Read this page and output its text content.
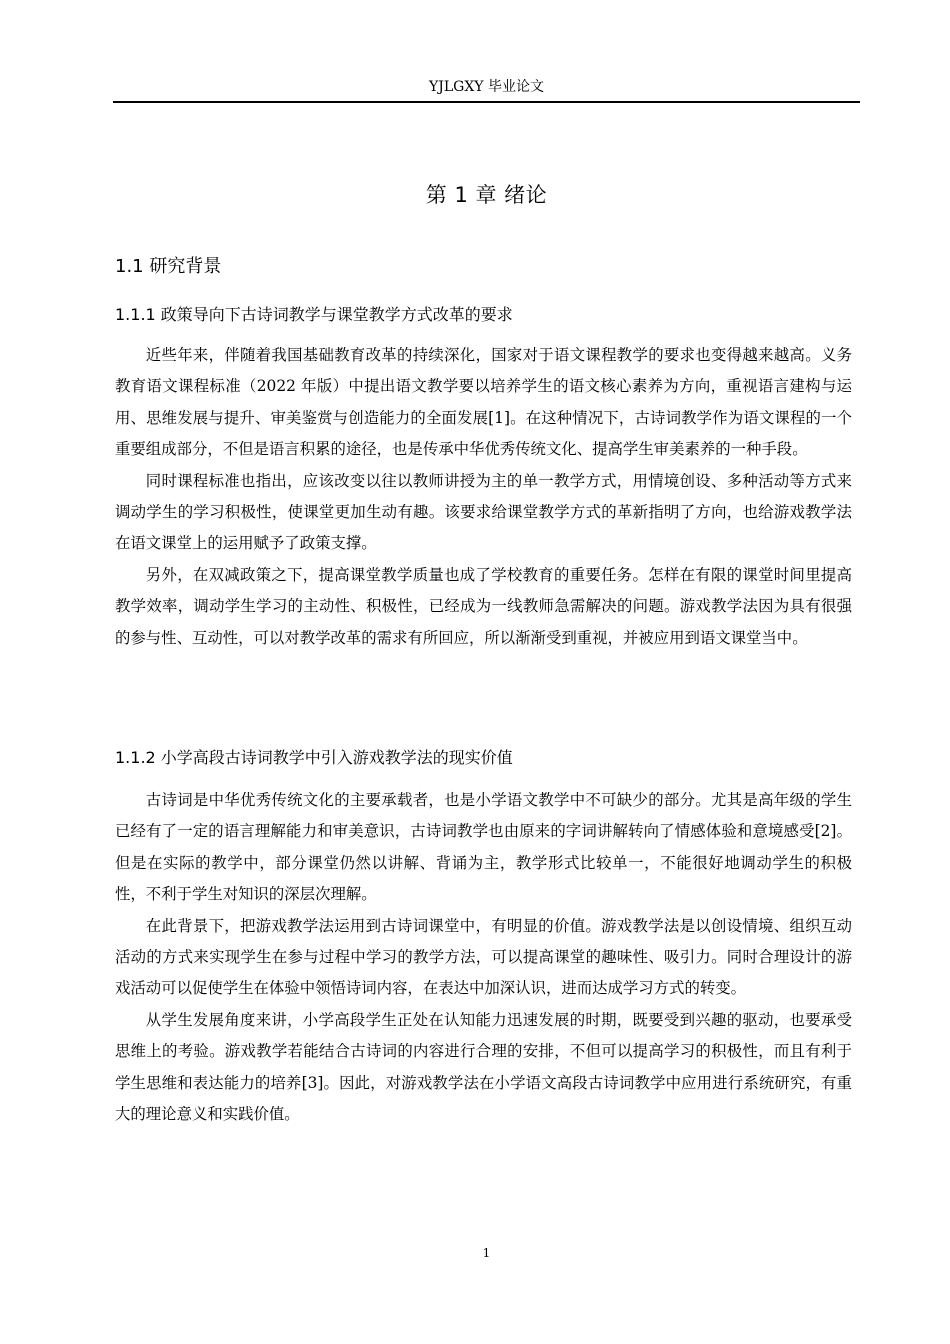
YJLGXY 毕业论文
第 1 章 绪论
1.1 研究背景
1.1.1 政策导向下古诗词教学与课堂教学方式改革的要求

近些年来，伴随着我国基础教育改革的持续深化，国家对于语文课程教学的要求也变得越来越高。义务教育语文课程标准（2022 年版）中提出语文教学要以培养学生的语文核心素养为方向，重视语言建构与运用、思维发展与提升、审美鉴赏与创造能力的全面发展[1]。在这种情况下，古诗词教学作为语文课程的一个重要组成部分，不但是语言积累的途径，也是传承中华优秀传统文化、提高学生审美素养的一种手段。

同时课程标准也指出，应该改变以往以教师讲授为主的单一教学方式，用情境创设、多种活动等方式来调动学生的学习积极性，使课堂更加生动有趣。该要求给课堂教学方式的革新指明了方向，也给游戏教学法在语文课堂上的运用赋予了政策支撑。

另外，在双减政策之下，提高课堂教学质量也成了学校教育的重要任务。怎样在有限的课堂时间里提高教学效率，调动学生学习的主动性、积极性，已经成为一线教师急需解决的问题。游戏教学法因为具有很强的参与性、互动性，可以对教学改革的需求有所回应，所以渐渐受到重视，并被应用到语文课堂当中。

1.1.2 小学高段古诗词教学中引入游戏教学法的现实价值

古诗词是中华优秀传统文化的主要承载者，也是小学语文教学中不可缺少的部分。尤其是高年级的学生已经有了一定的语言理解能力和审美意识，古诗词教学也由原来的字词讲解转向了情感体验和意境感受[2]。但是在实际的教学中，部分课堂仍然以讲解、背诵为主，教学形式比较单一，不能很好地调动学生的积极性，不利于学生对知识的深层次理解。

在此背景下，把游戏教学法运用到古诗词课堂中，有明显的价值。游戏教学法是以创设情境、组织互动活动的方式来实现学生在参与过程中学习的教学方法，可以提高课堂的趣味性、吸引力。同时合理设计的游戏活动可以促使学生在体验中领悟诗词内容，在表达中加深认识，进而达成学习方式的转变。

从学生发展角度来讲，小学高段学生正处在认知能力迅速发展的时期，既要受到兴趣的驱动，也要承受思维上的考验。游戏教学若能结合古诗词的内容进行合理的安排，不但可以提高学习的积极性，而且有利于学生思维和表达能力的培养[3]。因此，对游戏教学法在小学语文高段古诗词教学中应用进行系统研究，有重大的理论意义和实践价值。

1
